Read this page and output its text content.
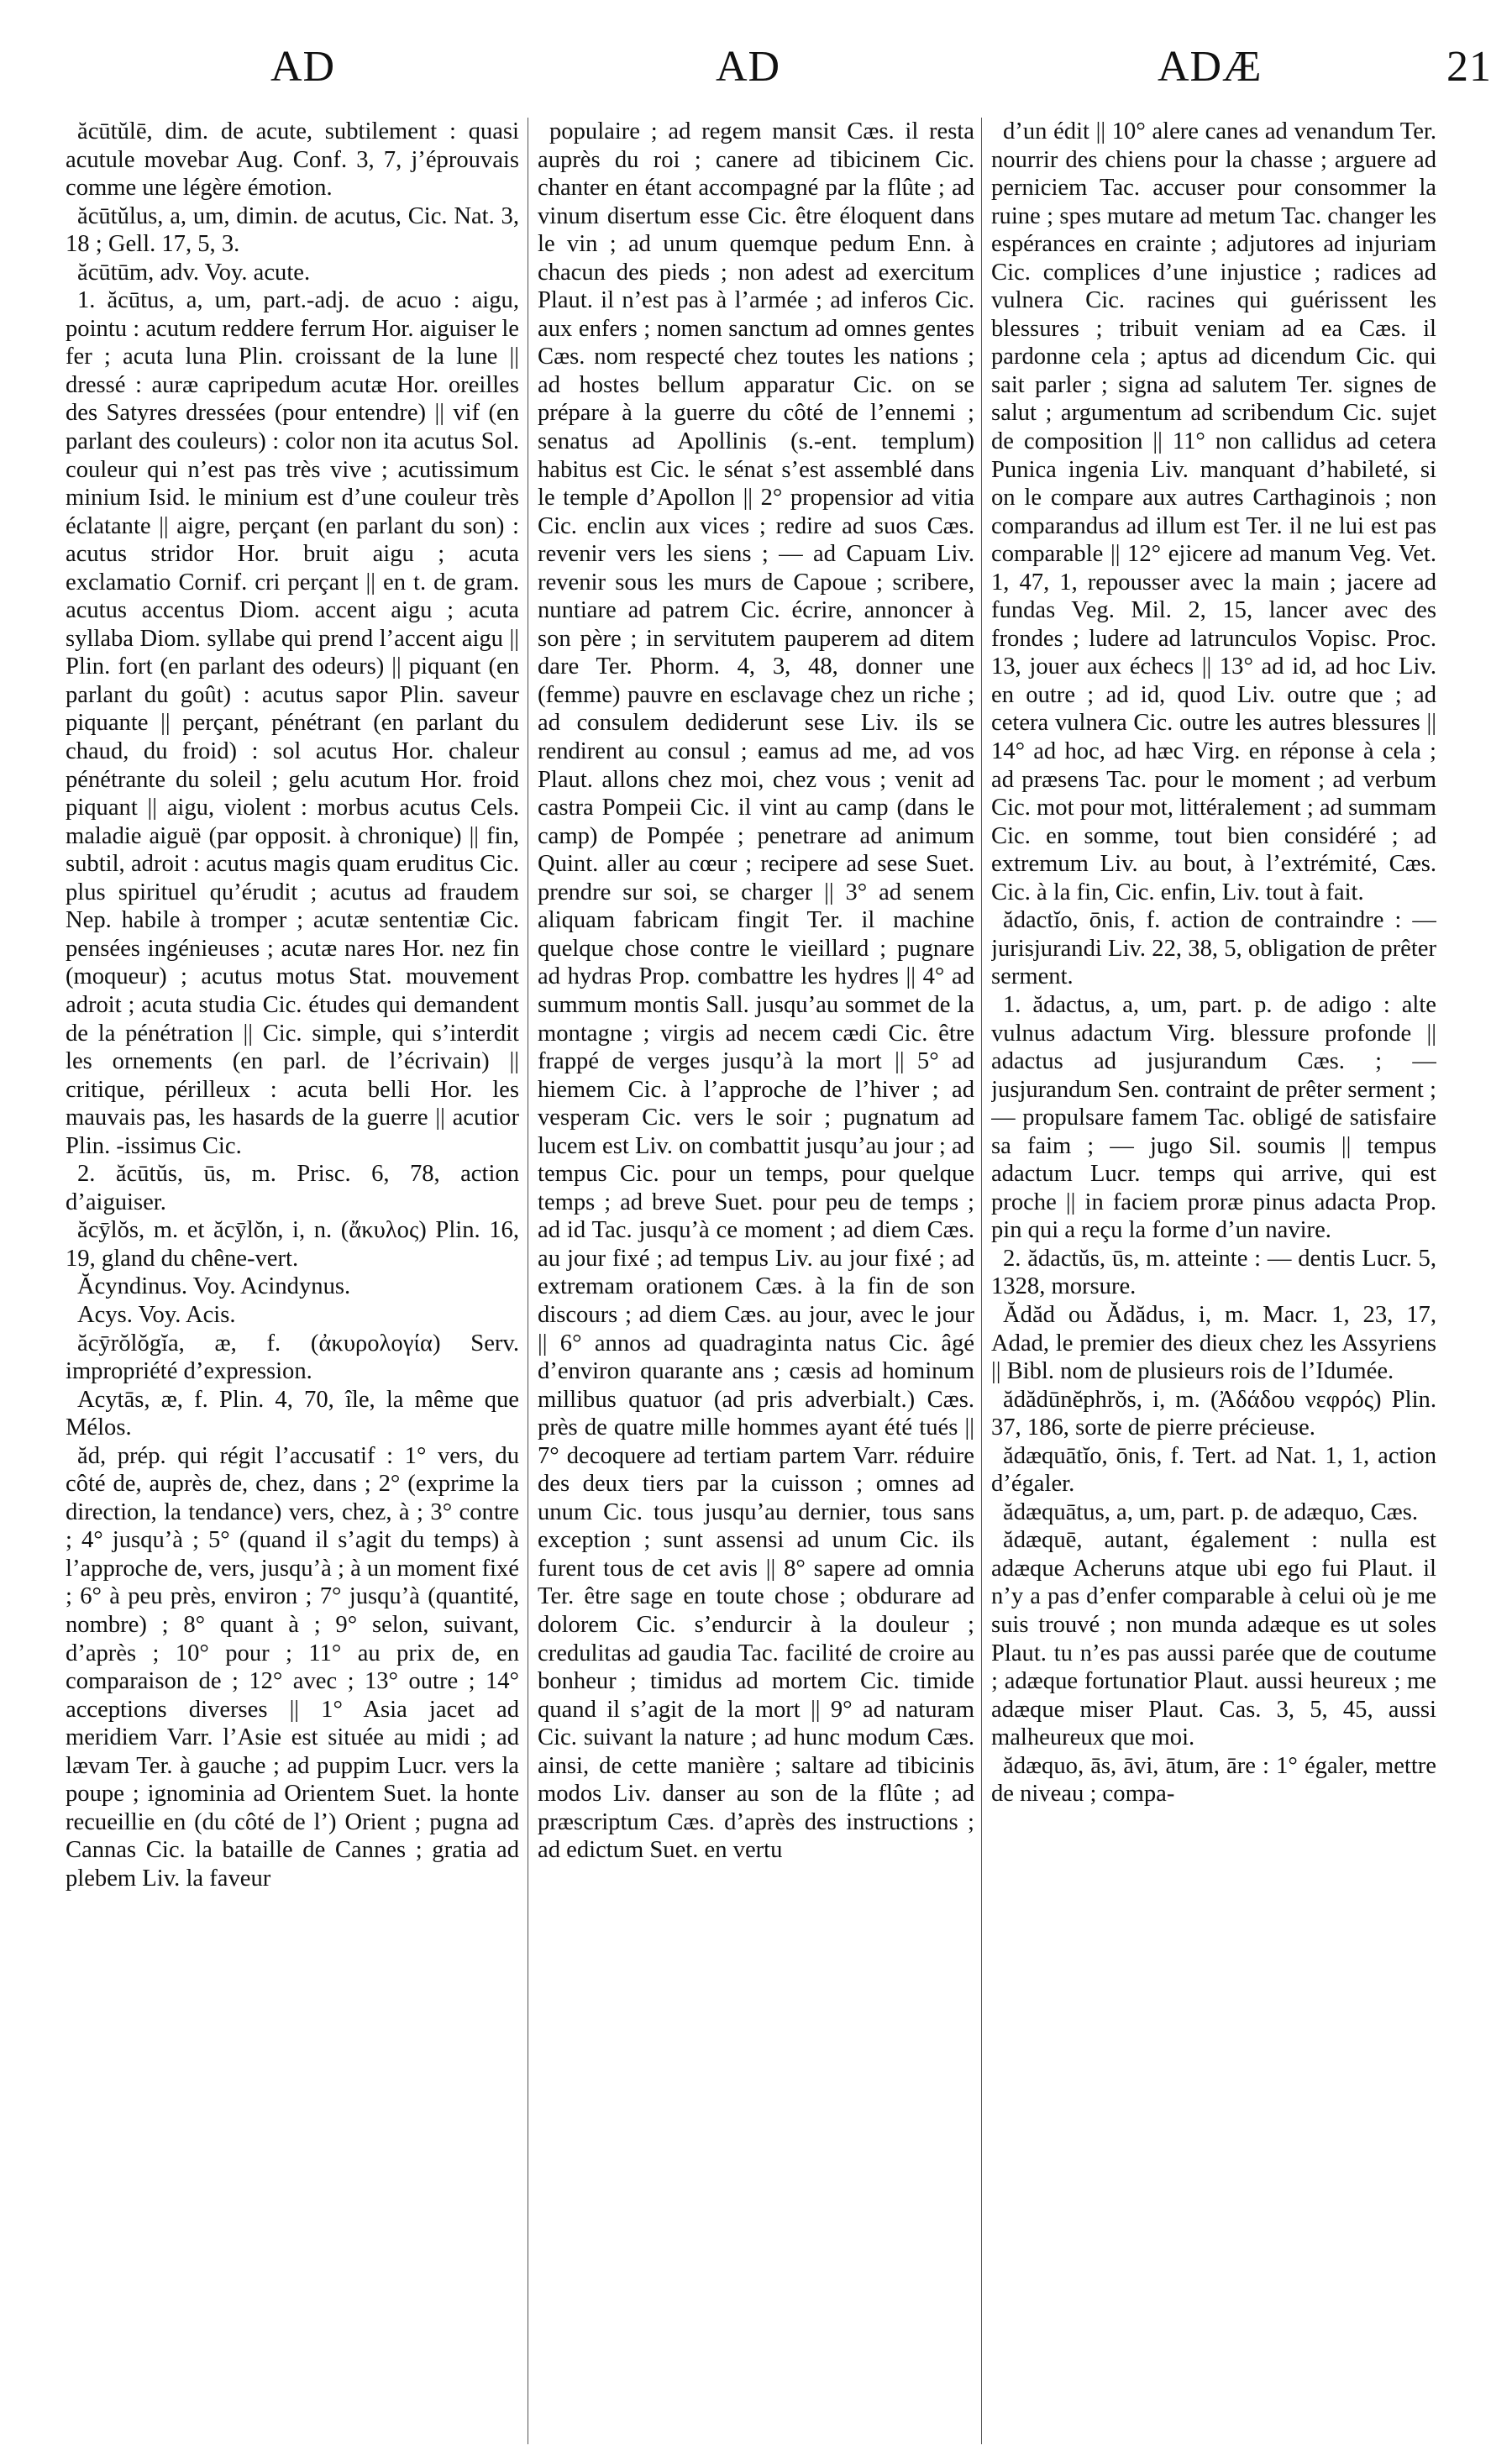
AD	AD	ADÆ	21

ăcūtŭlē, dim. de acute, subtilement : quasi acutule movebar Aug. Conf. 3, 7, j’éprouvais comme une légère émotion.

ăcūtŭlus, a, um, dimin. de acutus, Cic. Nat. 3, 18 ; Gell. 17, 5, 3.

ăcūtūm, adv. Voy. acute.

1. ăcūtus, a, um, part.-adj. de acuo : aigu, pointu : acutum reddere ferrum Hor. aiguiser le fer ; acuta luna Plin. croissant de la lune || dressé : auræ capripedum acutæ Hor. oreilles des Satyres dressées (pour entendre) || vif (en parlant des couleurs) : color non ita acutus Sol. couleur qui n’est pas très vive ; acutissimum minium Isid. le minium est d’une couleur très éclatante || aigre, perçant (en parlant du son) : acutus stridor Hor. bruit aigu ; acuta exclamatio Cornif. cri perçant || en t. de gram. acutus accentus Diom. accent aigu ; acuta syllaba Diom. syllabe qui prend l’accent aigu || Plin. fort (en parlant des odeurs) || piquant (en parlant du goût) : acutus sapor Plin. saveur piquante || perçant, pénétrant (en parlant du chaud, du froid) : sol acutus Hor. chaleur pénétrante du soleil ; gelu acutum Hor. froid piquant || aigu, violent : morbus acutus Cels. maladie aiguë (par opposit. à chronique) || fin, subtil, adroit : acutus magis quam eruditus Cic. plus spirituel qu’érudit ; acutus ad fraudem Nep. habile à tromper ; acutæ sententiæ Cic. pensées ingénieuses ; acutæ nares Hor. nez fin (moqueur) ; acutus motus Stat. mouvement adroit ; acuta studia Cic. études qui demandent de la pénétration || Cic. simple, qui s’interdit les ornements (en parl. de l’écrivain) || critique, périlleux : acuta belli Hor. les mauvais pas, les hasards de la guerre || acutior Plin. -issimus Cic.

2. ăcūtŭs, ūs, m. Prisc. 6, 78, action d’aiguiser.

ăcȳlŏs, m. et ăcȳlŏn, i, n. (ἄκυλος) Plin. 16, 19, gland du chêne-vert.

Ăcyndinus. Voy. Acindynus.

Acys. Voy. Acis.

ăcȳrŏlŏgĭa, æ, f. (ἀκυρολογία) Serv. impropriété d’expression.

Acytās, æ, f. Plin. 4, 70, île, la même que Mélos.

ăd, prép. qui régit l’accusatif : 1° vers, du côté de, auprès de, chez, dans ; 2° (exprime la direction, la tendance) vers, chez, à ; 3° contre ; 4° jusqu’à ; 5° (quand il s’agit du temps) à l’approche de, vers, jusqu’à ; à un moment fixé ; 6° à peu près, environ ; 7° jusqu’à (quantité, nombre) ; 8° quant à ; 9° selon, suivant, d’après ; 10° pour ; 11° au prix de, en comparaison de ; 12° avec ; 13° outre ; 14° acceptions diverses || 1° Asia jacet ad meridiem Varr. l’Asie est située au midi ; ad lævam Ter. à gauche ; ad puppim Lucr. vers la poupe ; ignominia ad Orientem Suet. la honte recueillie en (du côté de l’) Orient ; pugna ad Cannas Cic. la bataille de Cannes ; gratia ad plebem Liv. la faveur

populaire ; ad regem mansit Cæs. il resta auprès du roi ; canere ad tibicinem Cic. chanter en étant accompagné par la flûte ; ad vinum disertum esse Cic. être éloquent dans le vin ; ad unum quemque pedum Enn. à chacun des pieds ; non adest ad exercitum Plaut. il n’est pas à l’armée ; ad inferos Cic. aux enfers ; nomen sanctum ad omnes gentes Cæs. nom respecté chez toutes les nations ; ad hostes bellum apparatur Cic. on se prépare à la guerre du côté de l’ennemi ; senatus ad Apollinis (s.-ent. templum) habitus est Cic. le sénat s’est assemblé dans le temple d’Apollon || 2° propensior ad vitia Cic. enclin aux vices ; redire ad suos Cæs. revenir vers les siens ; — ad Capuam Liv. revenir sous les murs de Capoue ; scribere, nuntiare ad patrem Cic. écrire, annoncer à son père ; in servitutem pauperem ad ditem dare Ter. Phorm. 4, 3, 48, donner une (femme) pauvre en esclavage chez un riche ; ad consulem dediderunt sese Liv. ils se rendirent au consul ; eamus ad me, ad vos Plaut. allons chez moi, chez vous ; venit ad castra Pompeii Cic. il vint au camp (dans le camp) de Pompée ; penetrare ad animum Quint. aller au cœur ; recipere ad sese Suet. prendre sur soi, se charger || 3° ad senem aliquam fabricam fingit Ter. il machine quelque chose contre le vieillard ; pugnare ad hydras Prop. combattre les hydres || 4° ad summum montis Sall. jusqu’au sommet de la montagne ; virgis ad necem cædi Cic. être frappé de verges jusqu’à la mort || 5° ad hiemem Cic. à l’approche de l’hiver ; ad vesperam Cic. vers le soir ; pugnatum ad lucem est Liv. on combattit jusqu’au jour ; ad tempus Cic. pour un temps, pour quelque temps ; ad breve Suet. pour peu de temps ; ad id Tac. jusqu’à ce moment ; ad diem Cæs. au jour fixé ; ad tempus Liv. au jour fixé ; ad extremam orationem Cæs. à la fin de son discours ; ad diem Cæs. au jour, avec le jour || 6° annos ad quadraginta natus Cic. âgé d’environ quarante ans ; cæsis ad hominum millibus quatuor (ad pris adverbialt.) Cæs. près de quatre mille hommes ayant été tués || 7° decoquere ad tertiam partem Varr. réduire des deux tiers par la cuisson ; omnes ad unum Cic. tous jusqu’au dernier, tous sans exception ; sunt assensi ad unum Cic. ils furent tous de cet avis || 8° sapere ad omnia Ter. être sage en toute chose ; obdurare ad dolorem Cic. s’endurcir à la douleur ; credulitas ad gaudia Tac. facilité de croire au bonheur ; timidus ad mortem Cic. timide quand il s’agit de la mort || 9° ad naturam Cic. suivant la nature ; ad hunc modum Cæs. ainsi, de cette manière ; saltare ad tibicinis modos Liv. danser au son de la flûte ; ad præscriptum Cæs. d’après des instructions ; ad edictum Suet. en vertu

d’un édit || 10° alere canes ad venandum Ter. nourrir des chiens pour la chasse ; arguere ad perniciem Tac. accuser pour consommer la ruine ; spes mutare ad metum Tac. changer les espérances en crainte ; adjutores ad injuriam Cic. complices d’une injustice ; radices ad vulnera Cic. racines qui guérissent les blessures ; tribuit veniam ad ea Cæs. il pardonne cela ; aptus ad dicendum Cic. qui sait parler ; signa ad salutem Ter. signes de salut ; argumentum ad scribendum Cic. sujet de composition || 11° non callidus ad cetera Punica ingenia Liv. manquant d’habileté, si on le compare aux autres Carthaginois ; non comparandus ad illum est Ter. il ne lui est pas comparable || 12° ejicere ad manum Veg. Vet. 1, 47, 1, repousser avec la main ; jacere ad fundas Veg. Mil. 2, 15, lancer avec des frondes ; ludere ad latrunculos Vopisc. Proc. 13, jouer aux échecs || 13° ad id, ad hoc Liv. en outre ; ad id, quod Liv. outre que ; ad cetera vulnera Cic. outre les autres blessures || 14° ad hoc, ad hæc Virg. en réponse à cela ; ad præsens Tac. pour le moment ; ad verbum Cic. mot pour mot, littéralement ; ad summam Cic. en somme, tout bien considéré ; ad extremum Liv. au bout, à l’extrémité, Cæs. Cic. à la fin, Cic. enfin, Liv. tout à fait.

ădactĭo, ōnis, f. action de contraindre : — jurisjurandi Liv. 22, 38, 5, obligation de prêter serment.

1. ădactus, a, um, part. p. de adigo : alte vulnus adactum Virg. blessure profonde || adactus ad jusjurandum Cæs. ; — jusjurandum Sen. contraint de prêter serment ; — propulsare famem Tac. obligé de satisfaire sa faim ; — jugo Sil. soumis || tempus adactum Lucr. temps qui arrive, qui est proche || in faciem proræ pinus adacta Prop. pin qui a reçu la forme d’un navire.

2. ădactŭs, ūs, m. atteinte : — dentis Lucr. 5, 1328, morsure.

Ădăd ou Ădădus, i, m. Macr. 1, 23, 17, Adad, le premier des dieux chez les Assyriens || Bibl. nom de plusieurs rois de l’Idumée.

ădădūnĕphrŏs, i, m. (Ἀδάδου νεφρός) Plin. 37, 186, sorte de pierre précieuse.

ădæquātĭo, ōnis, f. Tert. ad Nat. 1, 1, action d’égaler.

ădæquātus, a, um, part. p. de adæquo, Cæs.

ădæquē, autant, également : nulla est adæque Acheruns atque ubi ego fui Plaut. il n’y a pas d’enfer comparable à celui où je me suis trouvé ; non munda adæque es ut soles Plaut. tu n’es pas aussi parée que de coutume ; adæque fortunatior Plaut. aussi heureux ; me adæque miser Plaut. Cas. 3, 5, 45, aussi malheureux que moi.

ădæquo, ās, āvi, ātum, āre : 1° égaler, mettre de niveau ; compa-
